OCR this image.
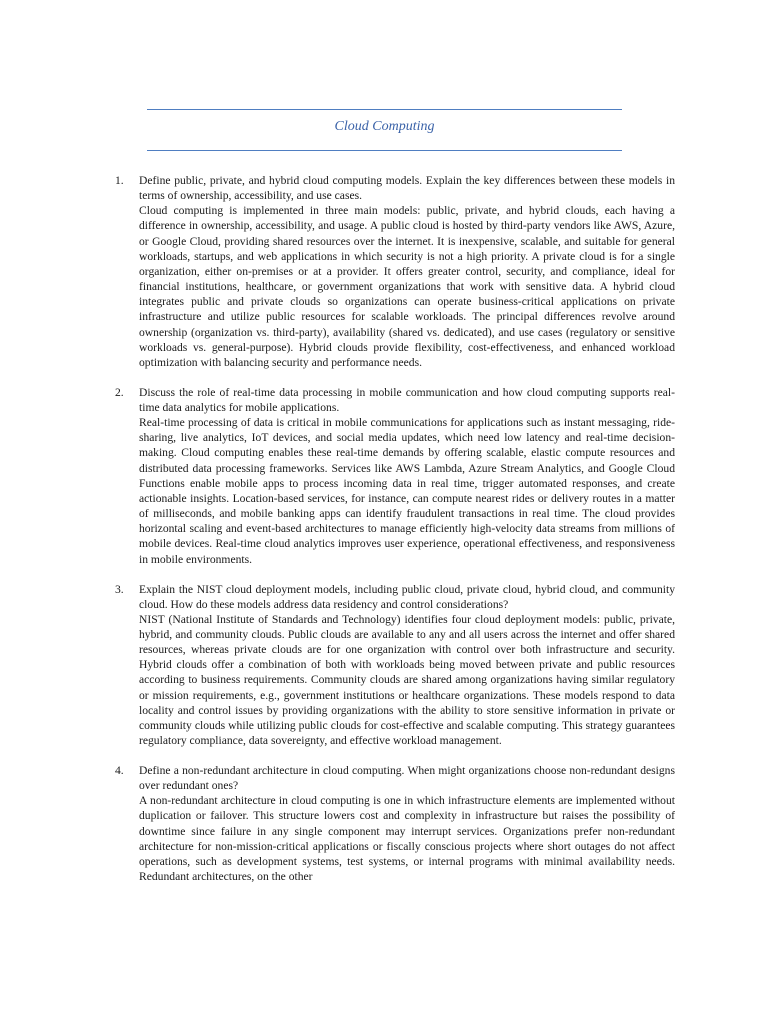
Cloud Computing
1. Define public, private, and hybrid cloud computing models. Explain the key differences between these models in terms of ownership, accessibility, and use cases.

Cloud computing is implemented in three main models: public, private, and hybrid clouds, each having a difference in ownership, accessibility, and usage. A public cloud is hosted by third-party vendors like AWS, Azure, or Google Cloud, providing shared resources over the internet. It is inexpensive, scalable, and suitable for general workloads, startups, and web applications in which security is not a high priority. A private cloud is for a single organization, either on-premises or at a provider. It offers greater control, security, and compliance, ideal for financial institutions, healthcare, or government organizations that work with sensitive data. A hybrid cloud integrates public and private clouds so organizations can operate business-critical applications on private infrastructure and utilize public resources for scalable workloads. The principal differences revolve around ownership (organization vs. third-party), availability (shared vs. dedicated), and use cases (regulatory or sensitive workloads vs. general-purpose). Hybrid clouds provide flexibility, cost-effectiveness, and enhanced workload optimization with balancing security and performance needs.

2. Discuss the role of real-time data processing in mobile communication and how cloud computing supports real-time data analytics for mobile applications.

Real-time processing of data is critical in mobile communications for applications such as instant messaging, ride-sharing, live analytics, IoT devices, and social media updates, which need low latency and real-time decision-making. Cloud computing enables these real-time demands by offering scalable, elastic compute resources and distributed data processing frameworks. Services like AWS Lambda, Azure Stream Analytics, and Google Cloud Functions enable mobile apps to process incoming data in real time, trigger automated responses, and create actionable insights. Location-based services, for instance, can compute nearest rides or delivery routes in a matter of milliseconds, and mobile banking apps can identify fraudulent transactions in real time. The cloud provides horizontal scaling and event-based architectures to manage efficiently high-velocity data streams from millions of mobile devices. Real-time cloud analytics improves user experience, operational effectiveness, and responsiveness in mobile environments.

3. Explain the NIST cloud deployment models, including public cloud, private cloud, hybrid cloud, and community cloud. How do these models address data residency and control considerations?

NIST (National Institute of Standards and Technology) identifies four cloud deployment models: public, private, hybrid, and community clouds. Public clouds are available to any and all users across the internet and offer shared resources, whereas private clouds are for one organization with control over both infrastructure and security. Hybrid clouds offer a combination of both with workloads being moved between private and public resources according to business requirements. Community clouds are shared among organizations having similar regulatory or mission requirements, e.g., government institutions or healthcare organizations. These models respond to data locality and control issues by providing organizations with the ability to store sensitive information in private or community clouds while utilizing public clouds for cost-effective and scalable computing. This strategy guarantees regulatory compliance, data sovereignty, and effective workload management.

4. Define a non-redundant architecture in cloud computing. When might organizations choose non-redundant designs over redundant ones?

A non-redundant architecture in cloud computing is one in which infrastructure elements are implemented without duplication or failover. This structure lowers cost and complexity in infrastructure but raises the possibility of downtime since failure in any single component may interrupt services. Organizations prefer non-redundant architecture for non-mission-critical applications or fiscally conscious projects where short outages do not affect operations, such as development systems, test systems, or internal programs with minimal availability needs. Redundant architectures, on the other
